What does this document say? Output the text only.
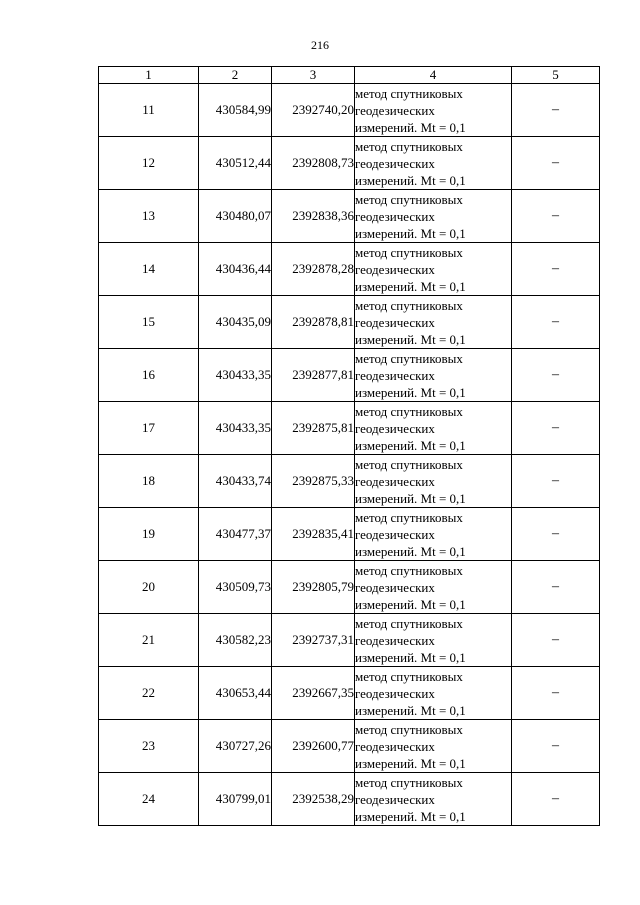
216
1	2	3	4	5
11	430584,99	2392740,20	метод спутниковых
геодезических
измерений. Mt = 0,1	–
12	430512,44	2392808,73	метод спутниковых
геодезических
измерений. Mt = 0,1	–
13	430480,07	2392838,36	метод спутниковых
геодезических
измерений. Mt = 0,1	–
14	430436,44	2392878,28	метод спутниковых
геодезических
измерений. Mt = 0,1	–
15	430435,09	2392878,81	метод спутниковых
геодезических
измерений. Mt = 0,1	–
16	430433,35	2392877,81	метод спутниковых
геодезических
измерений. Mt = 0,1	–
17	430433,35	2392875,81	метод спутниковых
геодезических
измерений. Mt = 0,1	–
18	430433,74	2392875,33	метод спутниковых
геодезических
измерений. Mt = 0,1	–
19	430477,37	2392835,41	метод спутниковых
геодезических
измерений. Mt = 0,1	–
20	430509,73	2392805,79	метод спутниковых
геодезических
измерений. Mt = 0,1	–
21	430582,23	2392737,31	метод спутниковых
геодезических
измерений. Mt = 0,1	–
22	430653,44	2392667,35	метод спутниковых
геодезических
измерений. Mt = 0,1	–
23	430727,26	2392600,77	метод спутниковых
геодезических
измерений. Mt = 0,1	–
24	430799,01	2392538,29	метод спутниковых
геодезических
измерений. Mt = 0,1	–
